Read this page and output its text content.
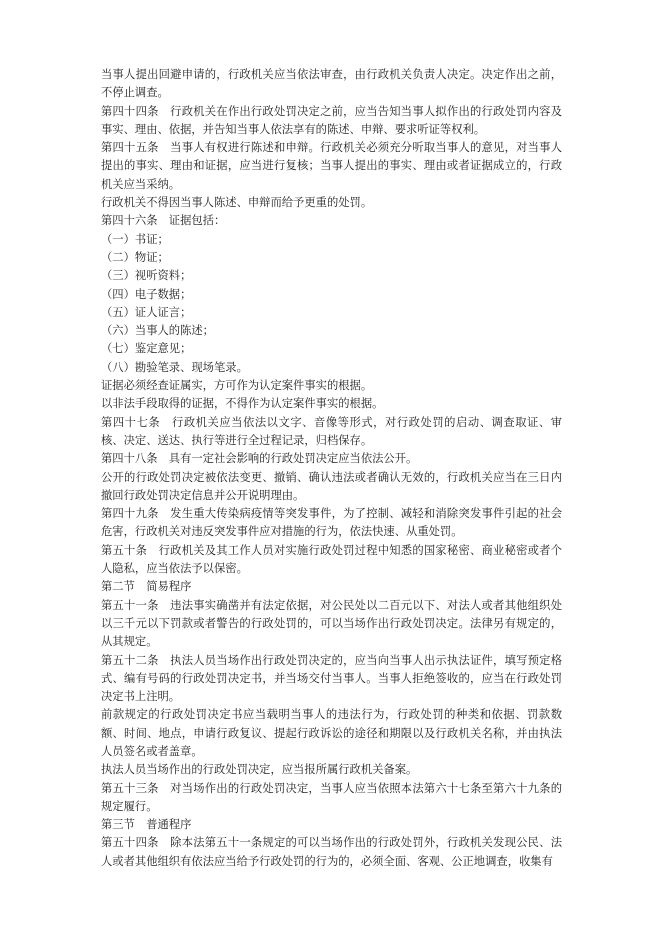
当事人提出回避申请的，行政机关应当依法审查，由行政机关负责人决定。决定作出之前，不停止调查。

第四十四条　行政机关在作出行政处罚决定之前，应当告知当事人拟作出的行政处罚内容及事实、理由、依据，并告知当事人依法享有的陈述、申辩、要求听证等权利。

第四十五条　当事人有权进行陈述和申辩。行政机关必须充分听取当事人的意见，对当事人提出的事实、理由和证据，应当进行复核；当事人提出的事实、理由或者证据成立的，行政机关应当采纳。

行政机关不得因当事人陈述、申辩而给予更重的处罚。

第四十六条　证据包括：

（一）书证；

（二）物证；

（三）视听资料；

（四）电子数据；

（五）证人证言；

（六）当事人的陈述；

（七）鉴定意见；

（八）勘验笔录、现场笔录。

证据必须经查证属实，方可作为认定案件事实的根据。

以非法手段取得的证据，不得作为认定案件事实的根据。

第四十七条　行政机关应当依法以文字、音像等形式，对行政处罚的启动、调查取证、审核、决定、送达、执行等进行全过程记录，归档保存。

第四十八条　具有一定社会影响的行政处罚决定应当依法公开。

公开的行政处罚决定被依法变更、撤销、确认违法或者确认无效的，行政机关应当在三日内撤回行政处罚决定信息并公开说明理由。

第四十九条　发生重大传染病疫情等突发事件，为了控制、减轻和消除突发事件引起的社会危害，行政机关对违反突发事件应对措施的行为，依法快速、从重处罚。

第五十条　行政机关及其工作人员对实施行政处罚过程中知悉的国家秘密、商业秘密或者个人隐私，应当依法予以保密。

第二节　简易程序

第五十一条　违法事实确凿并有法定依据，对公民处以二百元以下、对法人或者其他组织处以三千元以下罚款或者警告的行政处罚的，可以当场作出行政处罚决定。法律另有规定的，从其规定。

第五十二条　执法人员当场作出行政处罚决定的，应当向当事人出示执法证件，填写预定格式、编有号码的行政处罚决定书，并当场交付当事人。当事人拒绝签收的，应当在行政处罚决定书上注明。

前款规定的行政处罚决定书应当载明当事人的违法行为，行政处罚的种类和依据、罚款数额、时间、地点，申请行政复议、提起行政诉讼的途径和期限以及行政机关名称，并由执法人员签名或者盖章。

执法人员当场作出的行政处罚决定，应当报所属行政机关备案。

第五十三条　对当场作出的行政处罚决定，当事人应当依照本法第六十七条至第六十九条的规定履行。

第三节　普通程序

第五十四条　除本法第五十一条规定的可以当场作出的行政处罚外，行政机关发现公民、法人或者其他组织有依法应当给予行政处罚的行为的，必须全面、客观、公正地调查，收集有
